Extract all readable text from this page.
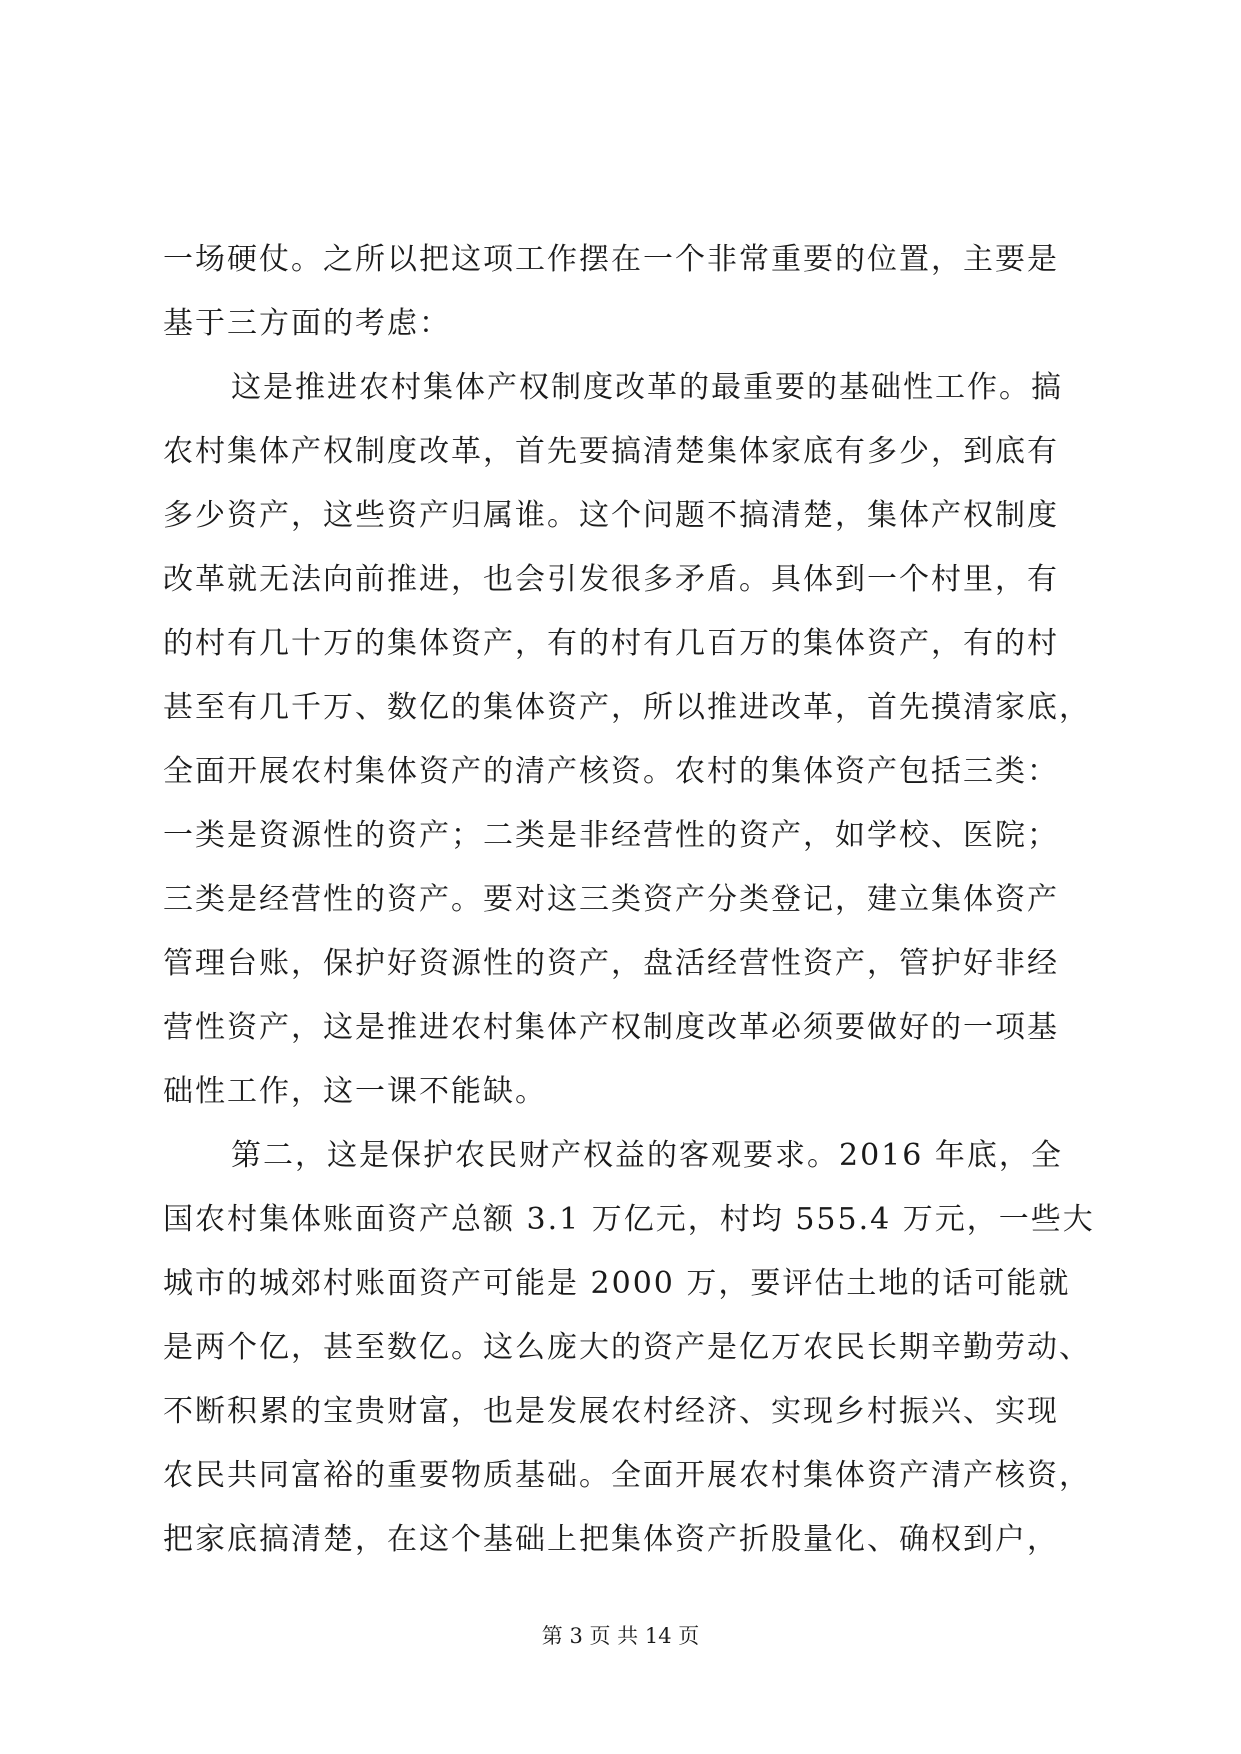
一场硬仗。之所以把这项工作摆在一个非常重要的位置，主要是
基于三方面的考虑：
这是推进农村集体产权制度改革的最重要的基础性工作。搞
农村集体产权制度改革，首先要搞清楚集体家底有多少，到底有
多少资产，这些资产归属谁。这个问题不搞清楚，集体产权制度
改革就无法向前推进，也会引发很多矛盾。具体到一个村里，有
的村有几十万的集体资产，有的村有几百万的集体资产，有的村
甚至有几千万、数亿的集体资产，所以推进改革，首先摸清家底，
全面开展农村集体资产的清产核资。农村的集体资产包括三类：
一类是资源性的资产；二类是非经营性的资产，如学校、医院；
三类是经营性的资产。要对这三类资产分类登记，建立集体资产
管理台账，保护好资源性的资产，盘活经营性资产，管护好非经
营性资产，这是推进农村集体产权制度改革必须要做好的一项基
础性工作，这一课不能缺。
第二，这是保护农民财产权益的客观要求。2016 年底，全
国农村集体账面资产总额 3.1 万亿元，村均 555.4 万元，一些大
城市的城郊村账面资产可能是 2000 万，要评估土地的话可能就
是两个亿，甚至数亿。这么庞大的资产是亿万农民长期辛勤劳动、
不断积累的宝贵财富，也是发展农村经济、实现乡村振兴、实现
农民共同富裕的重要物质基础。全面开展农村集体资产清产核资，
把家底搞清楚，在这个基础上把集体资产折股量化、确权到户，
第 3 页 共 14 页
